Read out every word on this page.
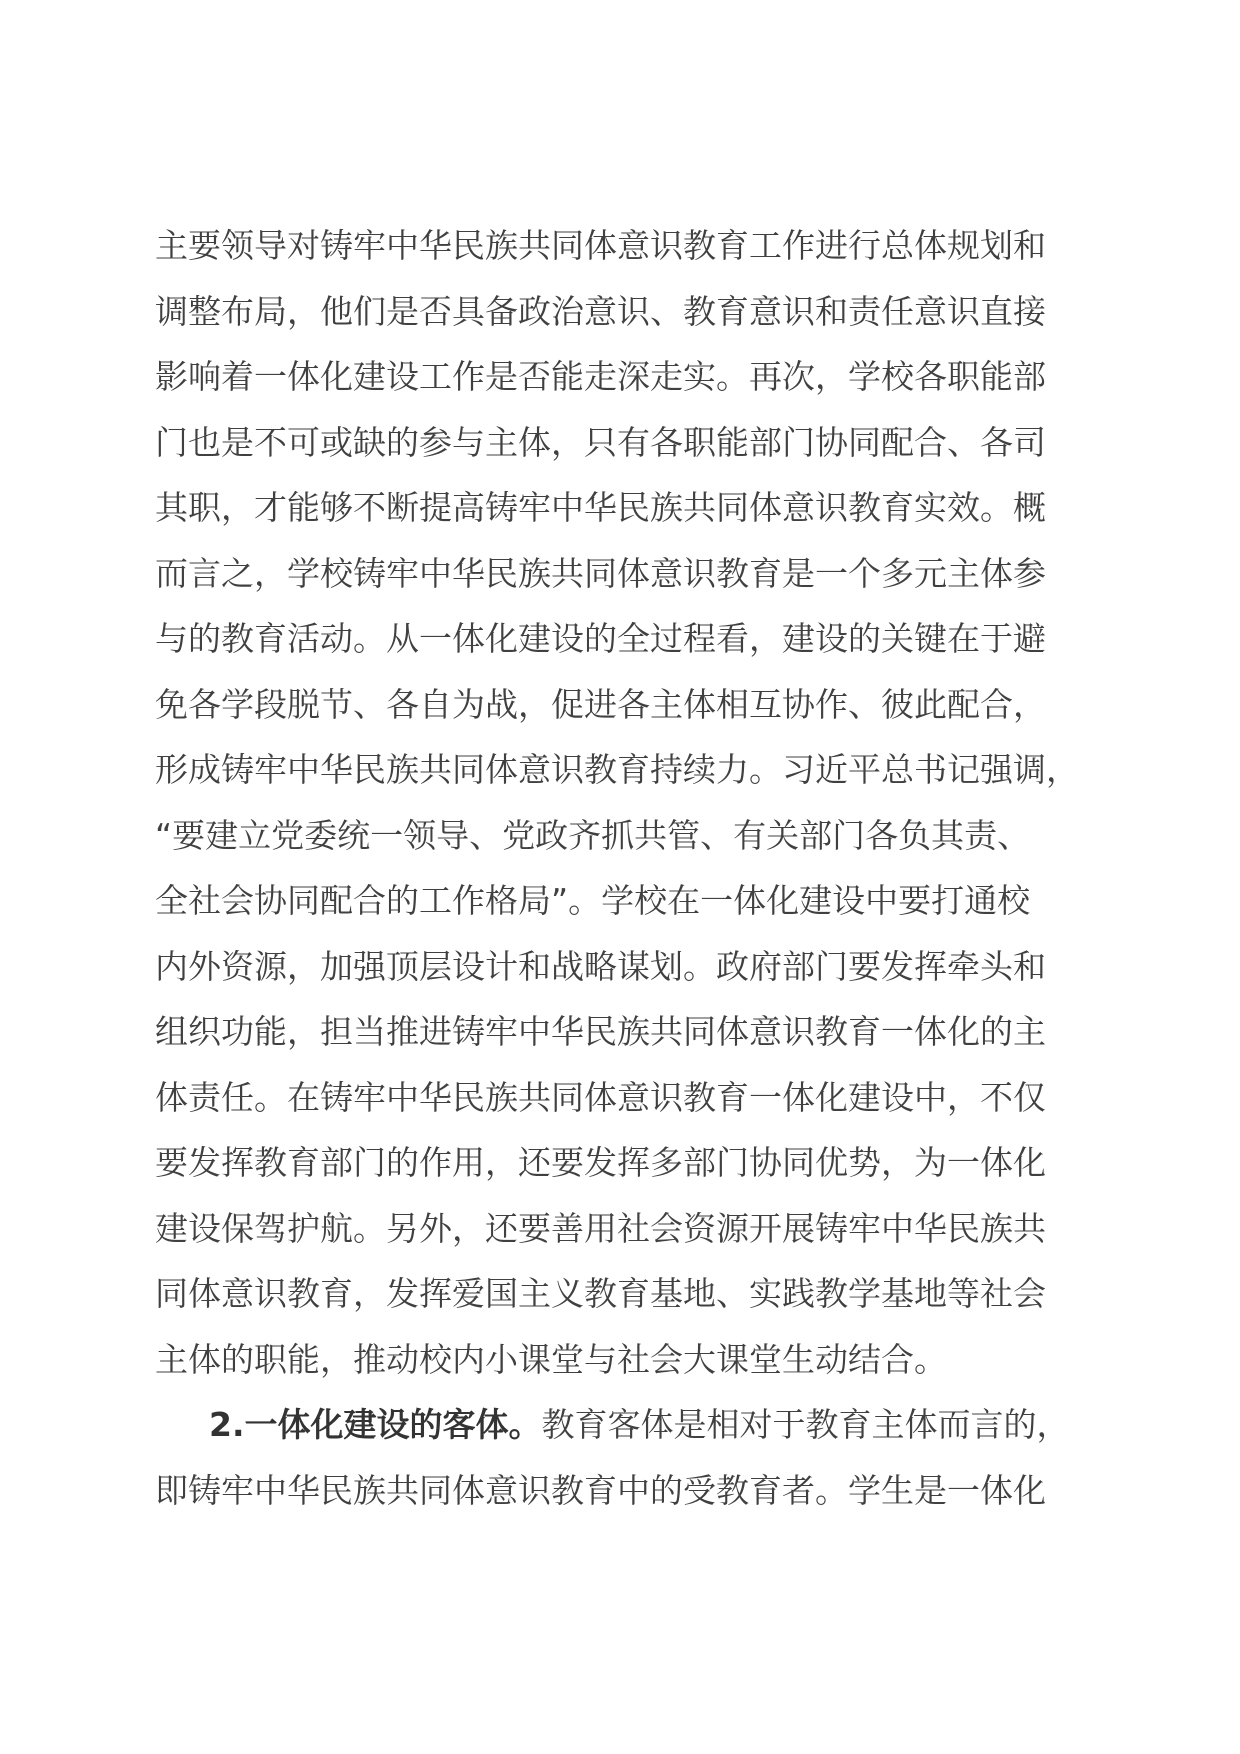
主要领导对铸牢中华民族共同体意识教育工作进行总体规划和
调整布局，他们是否具备政治意识、教育意识和责任意识直接
影响着一体化建设工作是否能走深走实。再次，学校各职能部
门也是不可或缺的参与主体，只有各职能部门协同配合、各司
其职，才能够不断提高铸牢中华民族共同体意识教育实效。概
而言之，学校铸牢中华民族共同体意识教育是一个多元主体参
与的教育活动。从一体化建设的全过程看，建设的关键在于避
免各学段脱节、各自为战，促进各主体相互协作、彼此配合，
形成铸牢中华民族共同体意识教育持续力。习近平总书记强调，
“要建立党委统一领导、党政齐抓共管、有关部门各负其责、
全社会协同配合的工作格局”。学校在一体化建设中要打通校
内外资源，加强顶层设计和战略谋划。政府部门要发挥牵头和
组织功能，担当推进铸牢中华民族共同体意识教育一体化的主
体责任。在铸牢中华民族共同体意识教育一体化建设中，不仅
要发挥教育部门的作用，还要发挥多部门协同优势，为一体化
建设保驾护航。另外，还要善用社会资源开展铸牢中华民族共
同体意识教育，发挥爱国主义教育基地、实践教学基地等社会
主体的职能，推动校内小课堂与社会大课堂生动结合。
2.一体化建设的客体。教育客体是相对于教育主体而言的，
即铸牢中华民族共同体意识教育中的受教育者。学生是一体化
